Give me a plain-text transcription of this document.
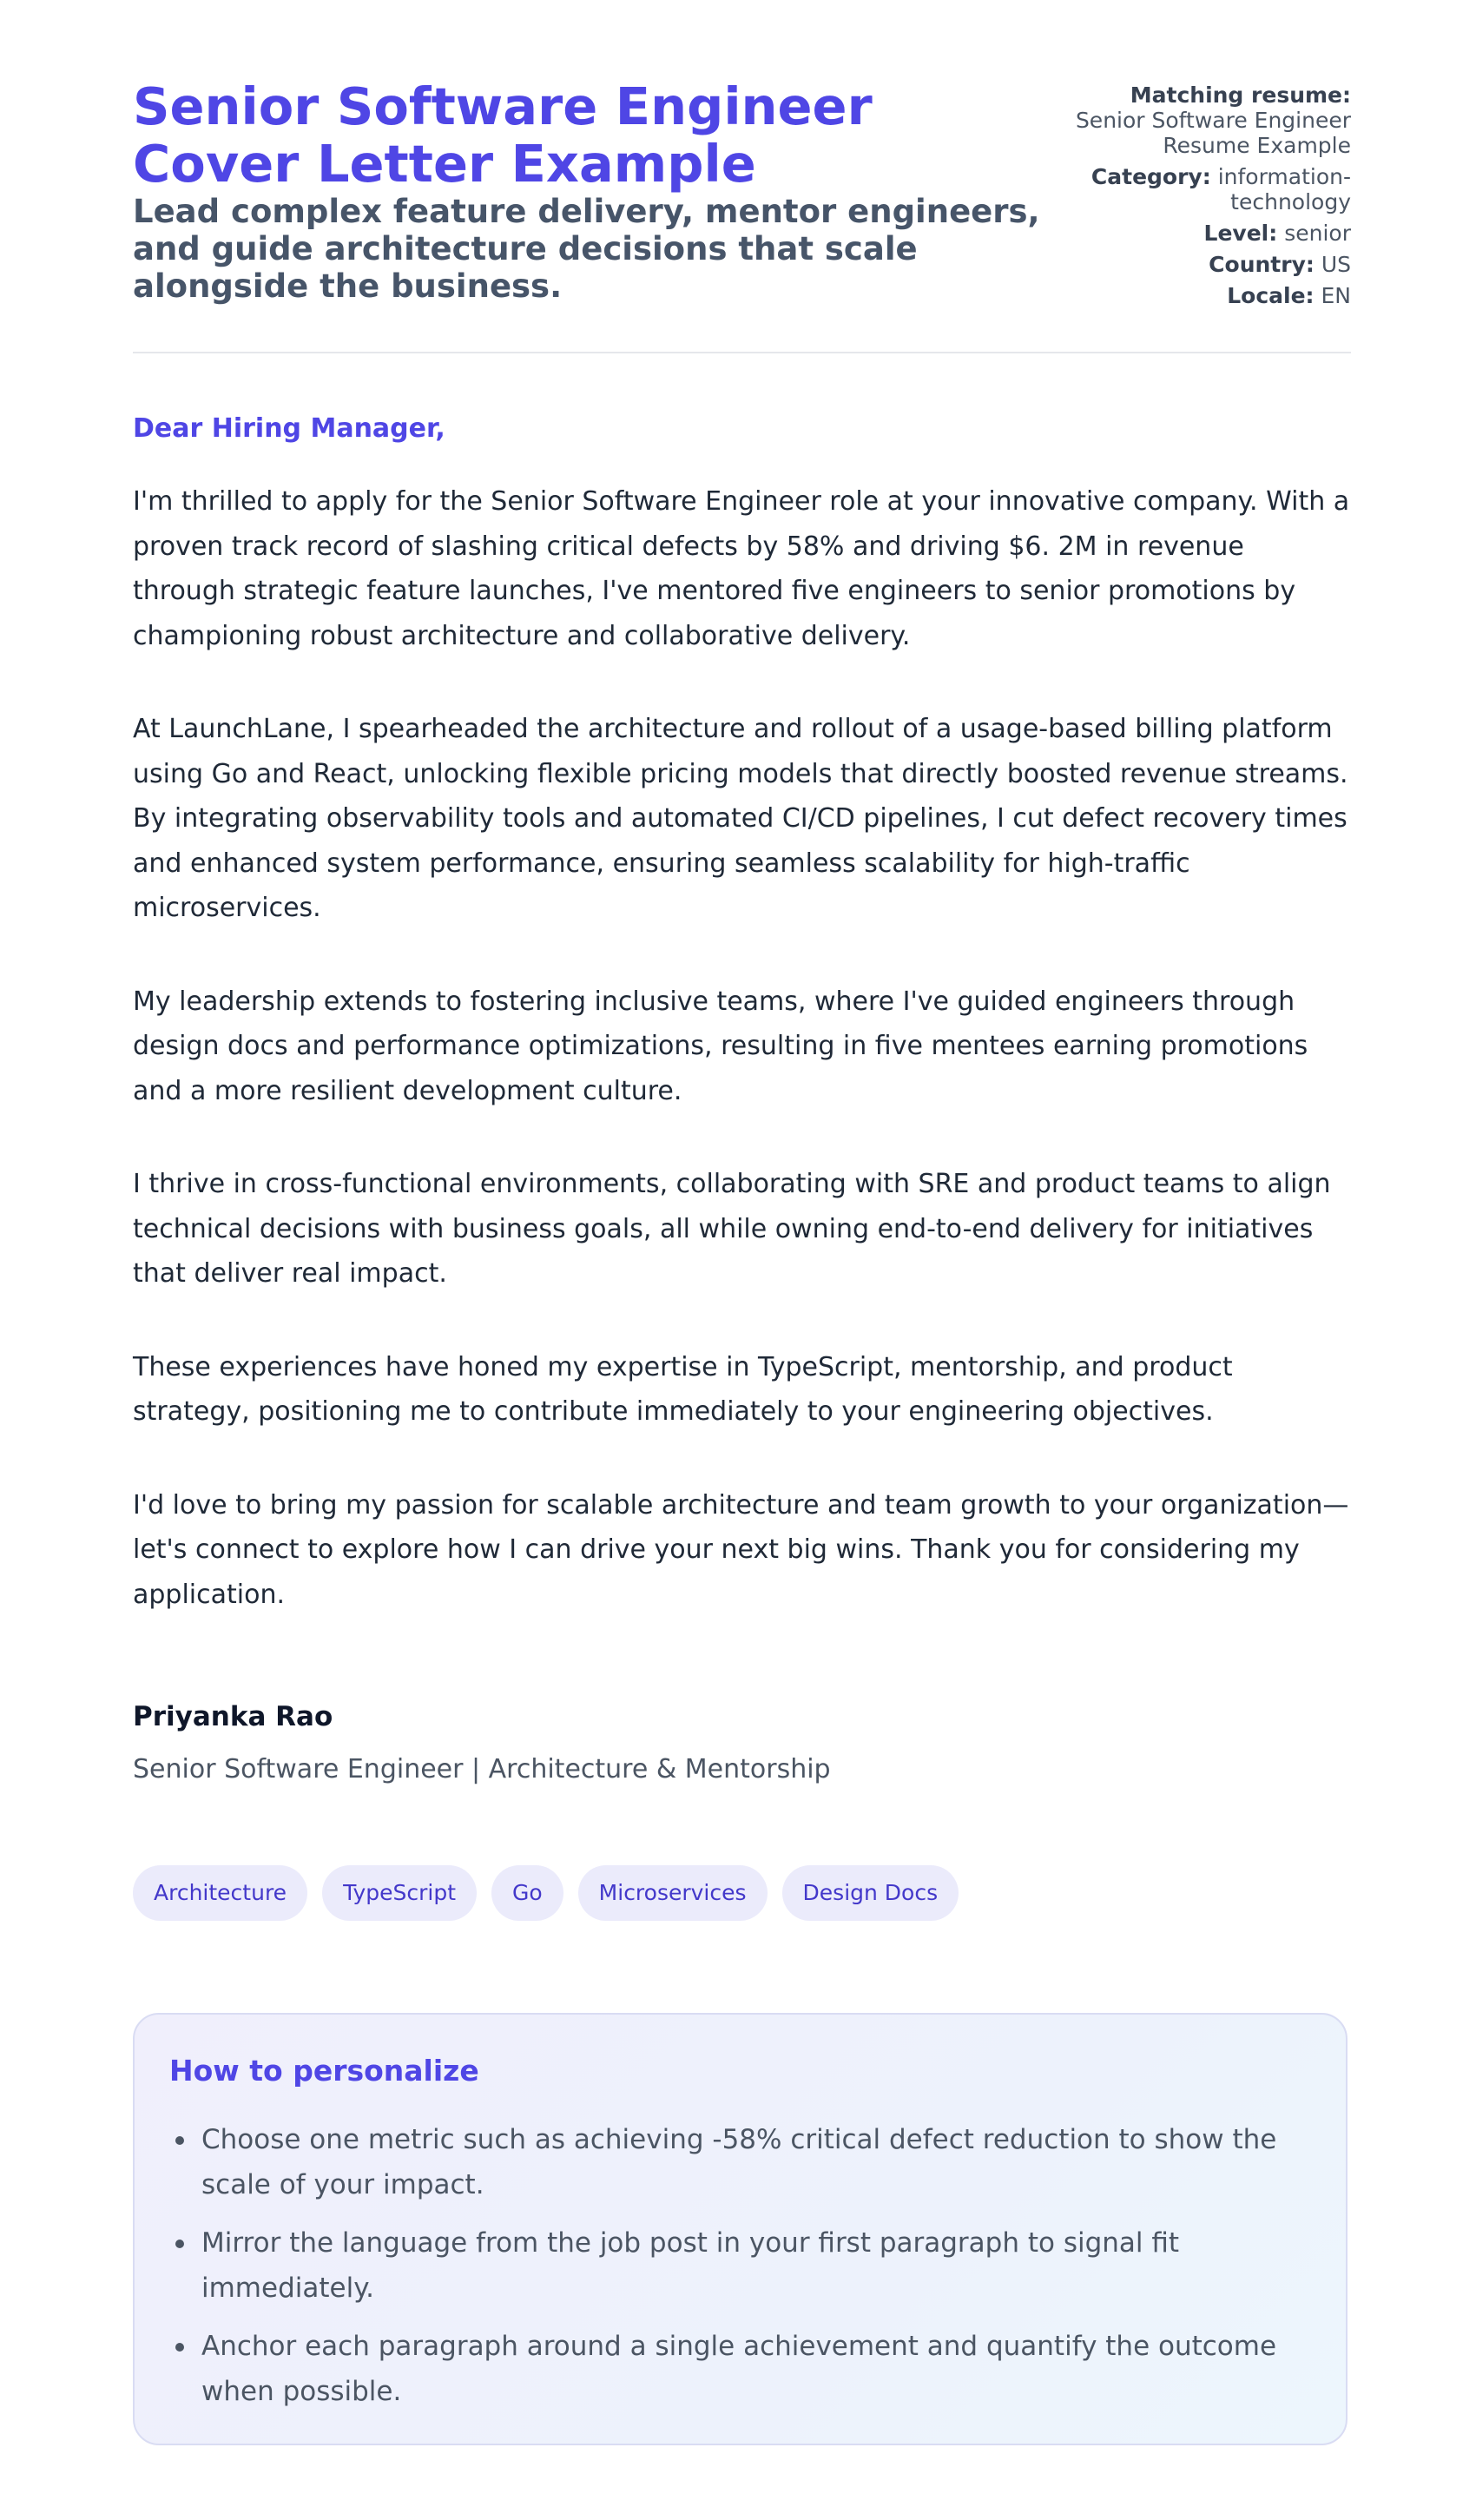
Senior Software Engineer Cover Letter Example

Lead complex feature delivery, mentor engineers, and guide architecture decisions that scale alongside the business.

Matching resume:
Senior Software Engineer Resume Example
Category: information-technology
Level: senior
Country: US
Locale: EN

Dear Hiring Manager,

I'm thrilled to apply for the Senior Software Engineer role at your innovative company. With a proven track record of slashing critical defects by 58% and driving $6. 2M in revenue through strategic feature launches, I've mentored five engineers to senior promotions by championing robust architecture and collaborative delivery.

At LaunchLane, I spearheaded the architecture and rollout of a usage-based billing platform using Go and React, unlocking flexible pricing models that directly boosted revenue streams. By integrating observability tools and automated CI/CD pipelines, I cut defect recovery times and enhanced system performance, ensuring seamless scalability for high-traffic microservices.

My leadership extends to fostering inclusive teams, where I've guided engineers through design docs and performance optimizations, resulting in five mentees earning promotions and a more resilient development culture.

I thrive in cross-functional environments, collaborating with SRE and product teams to align technical decisions with business goals, all while owning end-to-end delivery for initiatives that deliver real impact.

These experiences have honed my expertise in TypeScript, mentorship, and product strategy, positioning me to contribute immediately to your engineering objectives.

I'd love to bring my passion for scalable architecture and team growth to your organization—let's connect to explore how I can drive your next big wins. Thank you for considering my application.

Priyanka Rao

Senior Software Engineer | Architecture & Mentorship

Architecture	TypeScript	Go	Microservices	Design Docs
How to personalize
Choose one metric such as achieving -58% critical defect reduction to show the scale of your impact.
Mirror the language from the job post in your first paragraph to signal fit immediately.
Anchor each paragraph around a single achievement and quantify the outcome when possible.
